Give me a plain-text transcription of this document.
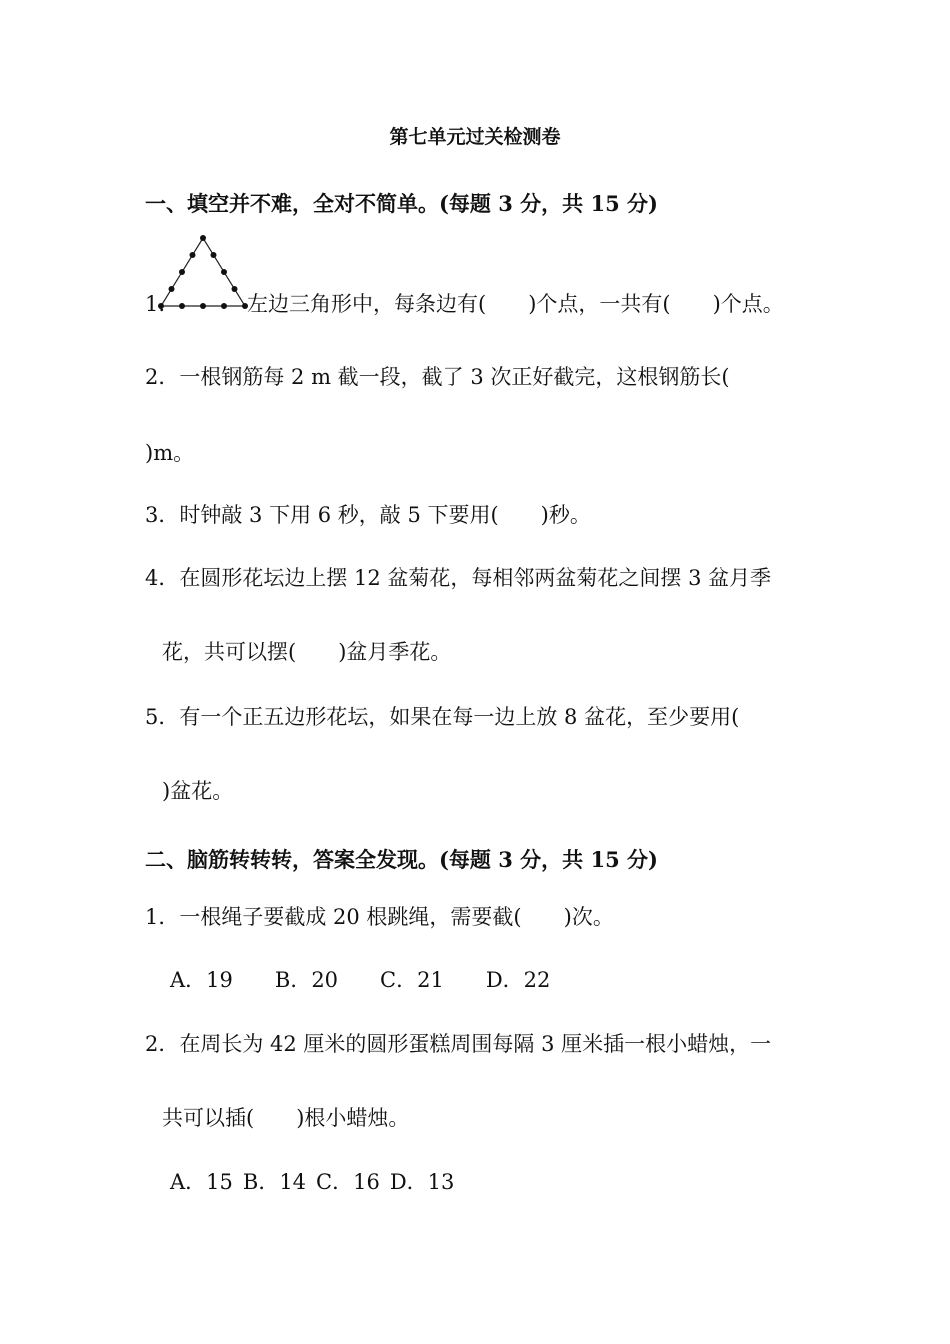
第七单元过关检测卷
一、填空并不难，全对不简单。(每题 3 分，共 15 分)
1.	左边三角形中，每条边有(　　)个点，一共有(　　)个点。
2．一根钢筋每 2 m 截一段，截了 3 次正好截完，这根钢筋长(
)m。
3．时钟敲 3 下用 6 秒，敲 5 下要用(　　)秒。
4．在圆形花坛边上摆 12 盆菊花，每相邻两盆菊花之间摆 3 盆月季
花，共可以摆(　　)盆月季花。
5．有一个正五边形花坛，如果在每一边上放 8 盆花，至少要用(
)盆花。
二、脑筋转转转，答案全发现。(每题 3 分，共 15 分)
1．一根绳子要截成 20 根跳绳，需要截(　　)次。
A．19 B．20 C．21 D．22
2．在周长为 42 厘米的圆形蛋糕周围每隔 3 厘米插一根小蜡烛，一
共可以插(　　)根小蜡烛。
A．15 B．14 C．16 D．13
